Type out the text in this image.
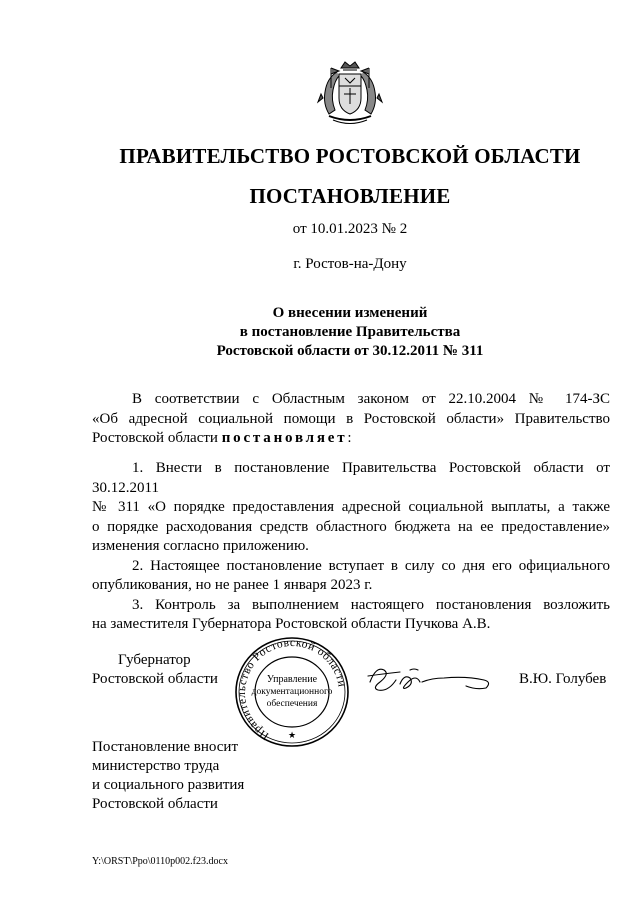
ПРАВИТЕЛЬСТВО РОСТОВСКОЙ ОБЛАСТИ
ПОСТАНОВЛЕНИЕ
от 10.01.2023 № 2
г. Ростов-на-Дону
О внесении изменений
в постановление Правительства
Ростовской области от 30.12.2011 № 311
В соответствии с Областным законом от 22.10.2004 № 174-ЗС
«Об адресной социальной помощи в Ростовской области» Правительство
Ростовской области постановляет:
1. Внести в постановление Правительства Ростовской области от 30.12.2011
№ 311 «О порядке предоставления адресной социальной выплаты, а также
о порядке расходования средств областного бюджета на ее предоставление»
изменения согласно приложению.
2. Настоящее постановление вступает в силу со дня его официального
опубликования, но не ранее 1 января 2023 г.
3. Контроль за выполнением настоящего постановления возложить
на заместителя Губернатора Ростовской области Пучкова А.В.
Губернатор
Ростовской области
Правительство Ростовской области
★
Управление
документационного
обеспечения
В.Ю. Голубев
Постановление вносит
министерство труда
и социального развития
Ростовской области
Y:\ORST\Ppo\0110p002.f23.docx
